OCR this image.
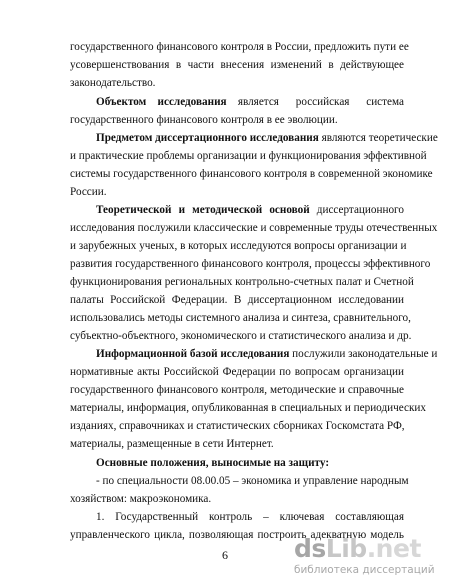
государственного финансового контроля в России, предложить пути ее
усовершенствования в части внесения изменений в действующее
законодательство.
Объектом исследования является российская система
государственного финансового контроля в ее эволюции.
Предметом диссертационного исследования являются теоретические
и практические проблемы организации и функционирования эффективной
системы государственного финансового контроля в современной экономике
России.
Теоретической и методической основой диссертационного
исследования послужили классические и современные труды отечественных
и зарубежных ученых, в которых исследуются вопросы организации и
развития государственного финансового контроля, процессы эффективного
функционирования региональных контрольно-счетных палат и Счетной
палаты Российской Федерации. В диссертационном исследовании
использовались методы системного анализа и синтеза, сравнительного,
субъектно-объектного, экономического и статистического анализа и др.
Информационной базой исследования послужили законодательные и
нормативные акты Российской Федерации по вопросам организации
государственного финансового контроля, методические и справочные
материалы, информация, опубликованная в специальных и периодических
изданиях, справочниках и статистических сборниках Госкомстата РФ,
материалы, размещенные в сети Интернет.
Основные положения, выносимые на защиту:
- по специальности 08.00.05 – экономика и управление народным
хозяйством: макроэкономика.
1. Государственный контроль – ключевая составляющая
управленческого цикла, позволяющая построить адекватную модель
6	dsLib.net
библиотека диссертаций
